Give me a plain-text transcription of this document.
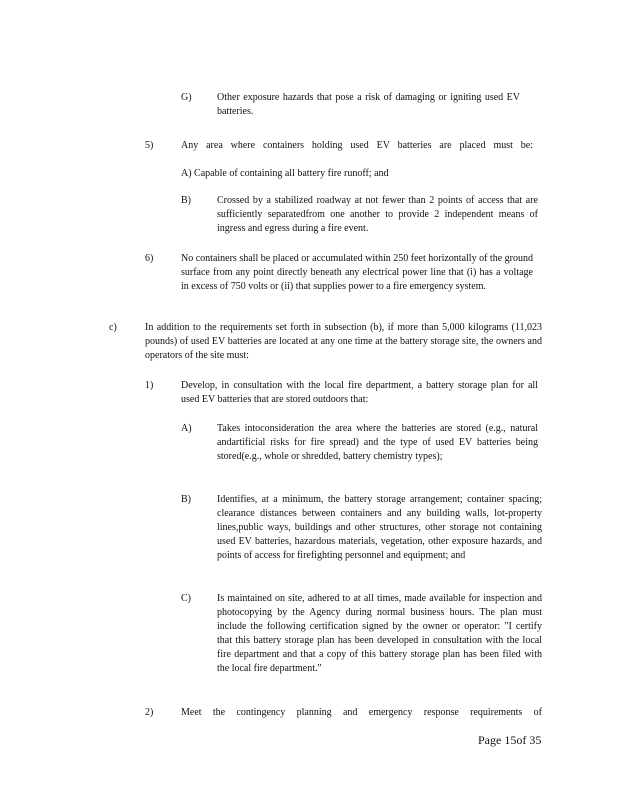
G)	Other exposure hazards that pose a risk of damaging or igniting used EV batteries.
5)	Any area where containers holding used EV batteries are placed must be:
A) Capable of containing all battery fire runoff; and
B)	Crossed by a stabilized roadway at not fewer than 2 points of access that are sufficiently separatedfrom one another to provide 2 independent means of ingress and egress during a fire event.
6)	No containers shall be placed or accumulated within 250 feet horizontally of the ground surface from any point directly beneath any electrical power line that (i) has a voltage in excess of 750 volts or (ii) that supplies power to a fire emergency system.
c)	In addition to the requirements set forth in subsection (b), if more than 5,000 kilograms (11,023 pounds) of used EV batteries are located at any one time at the battery storage site, the owners and operators of the site must:
1)	Develop, in consultation with the local fire department, a battery storage plan for all used EV batteries that are stored outdoors that:
A)	Takes intoconsideration the area where the batteries are stored (e.g., natural andartificial risks for fire spread) and the type of used EV batteries being stored(e.g., whole or shredded, battery chemistry types);
B)	Identifies, at a minimum, the battery storage arrangement; container spacing; clearance distances between containers and any building walls, lot-property lines,public ways, buildings and other structures, other storage not containing used EV batteries, hazardous materials, vegetation, other exposure hazards, and points of access for firefighting personnel and equipment; and
C)	Is maintained on site, adhered to at all times, made available for inspection and photocopying by the Agency during normal business hours. The plan must include the following certification signed by the owner or operator: "I certify that this battery storage plan has been developed in consultation with the local fire department and that a copy of this battery storage plan has been filed with the local fire department."
2)	Meet the contingency planning and emergency response requirements of
Page 15of 35
